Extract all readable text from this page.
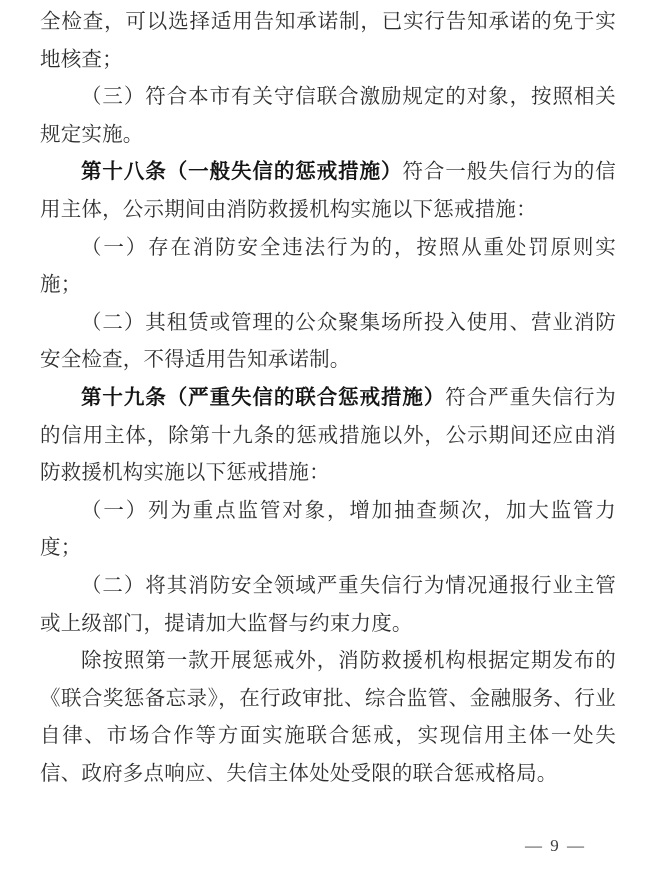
全检查，可以选择适用告知承诺制，已实行告知承诺的免于实地核查；

（三）符合本市有关守信联合激励规定的对象，按照相关规定实施。

第十八条（一般失信的惩戒措施）符合一般失信行为的信用主体，公示期间由消防救援机构实施以下惩戒措施：

（一）存在消防安全违法行为的，按照从重处罚原则实施；

（二）其租赁或管理的公众聚集场所投入使用、营业消防安全检查，不得适用告知承诺制。

第十九条（严重失信的联合惩戒措施）符合严重失信行为的信用主体，除第十九条的惩戒措施以外，公示期间还应由消防救援机构实施以下惩戒措施：

（一）列为重点监管对象，增加抽查频次，加大监管力度；

（二）将其消防安全领域严重失信行为情况通报行业主管或上级部门，提请加大监督与约束力度。

除按照第一款开展惩戒外，消防救援机构根据定期发布的《联合奖惩备忘录》，在行政审批、综合监管、金融服务、行业自律、市场合作等方面实施联合惩戒，实现信用主体一处失信、政府多点响应、失信主体处处受限的联合惩戒格局。

— 9 —
